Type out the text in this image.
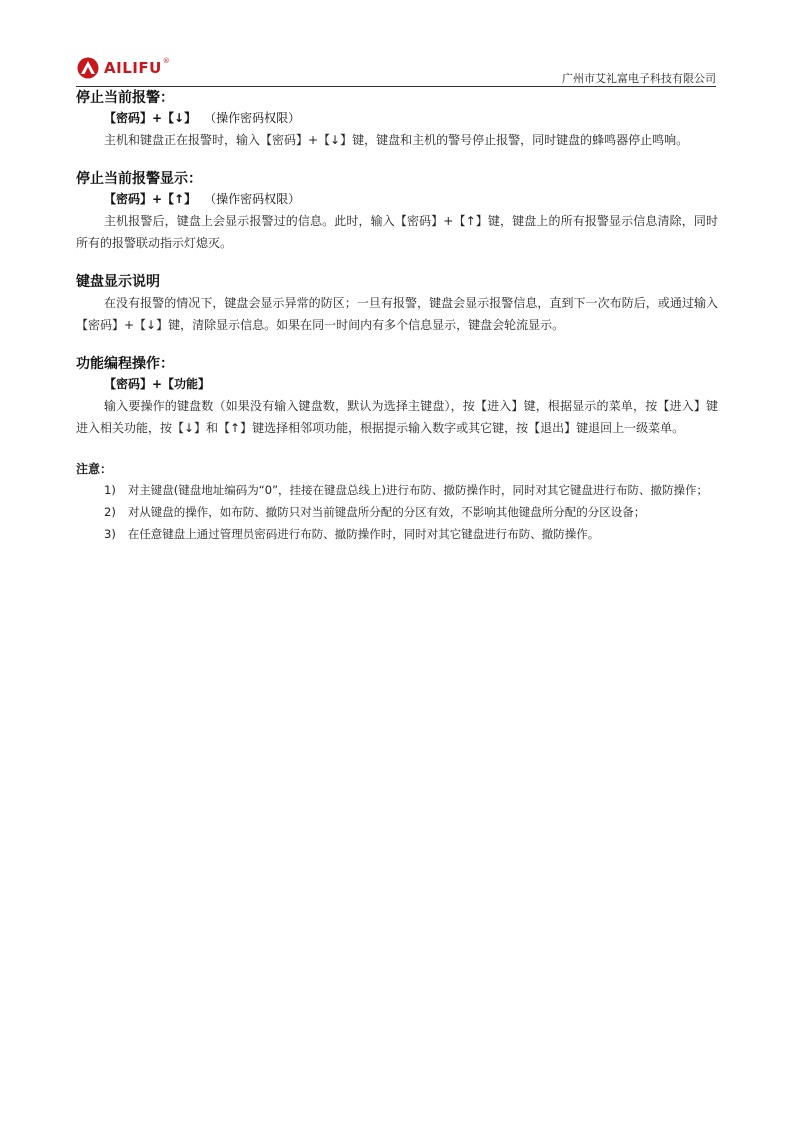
AILIFU ®
广州市艾礼富电子科技有限公司
停止当前报警：
【密码】+【↓】 （操作密码权限）

主机和键盘正在报警时，输入【密码】+【↓】键，键盘和主机的警号停止报警，同时键盘的蜂鸣器停止鸣响。

停止当前报警显示：
【密码】+【↑】 （操作密码权限）

主机报警后，键盘上会显示报警过的信息。此时，输入【密码】+【↑】键，键盘上的所有报警显示信息清除，同时所有的报警联动指示灯熄灭。

键盘显示说明

在没有报警的情况下，键盘会显示异常的防区；一旦有报警，键盘会显示报警信息，直到下一次布防后，或通过输入【密码】+【↓】键，清除显示信息。如果在同一时间内有多个信息显示，键盘会轮流显示。

功能编程操作：
【密码】+【功能】

输入要操作的键盘数（如果没有输入键盘数，默认为选择主键盘），按【进入】键，根据显示的菜单，按【进入】键进入相关功能，按【↓】和【↑】键选择相邻项功能，根据提示输入数字或其它键，按【退出】键退回上一级菜单。

注意：

1) 对主键盘(键盘地址编码为“0”，挂接在键盘总线上)进行布防、撤防操作时，同时对其它键盘进行布防、撤防操作；

2) 对从键盘的操作，如布防、撤防只对当前键盘所分配的分区有效，不影响其他键盘所分配的分区设备；

3) 在任意键盘上通过管理员密码进行布防、撤防操作时，同时对其它键盘进行布防、撤防操作。
